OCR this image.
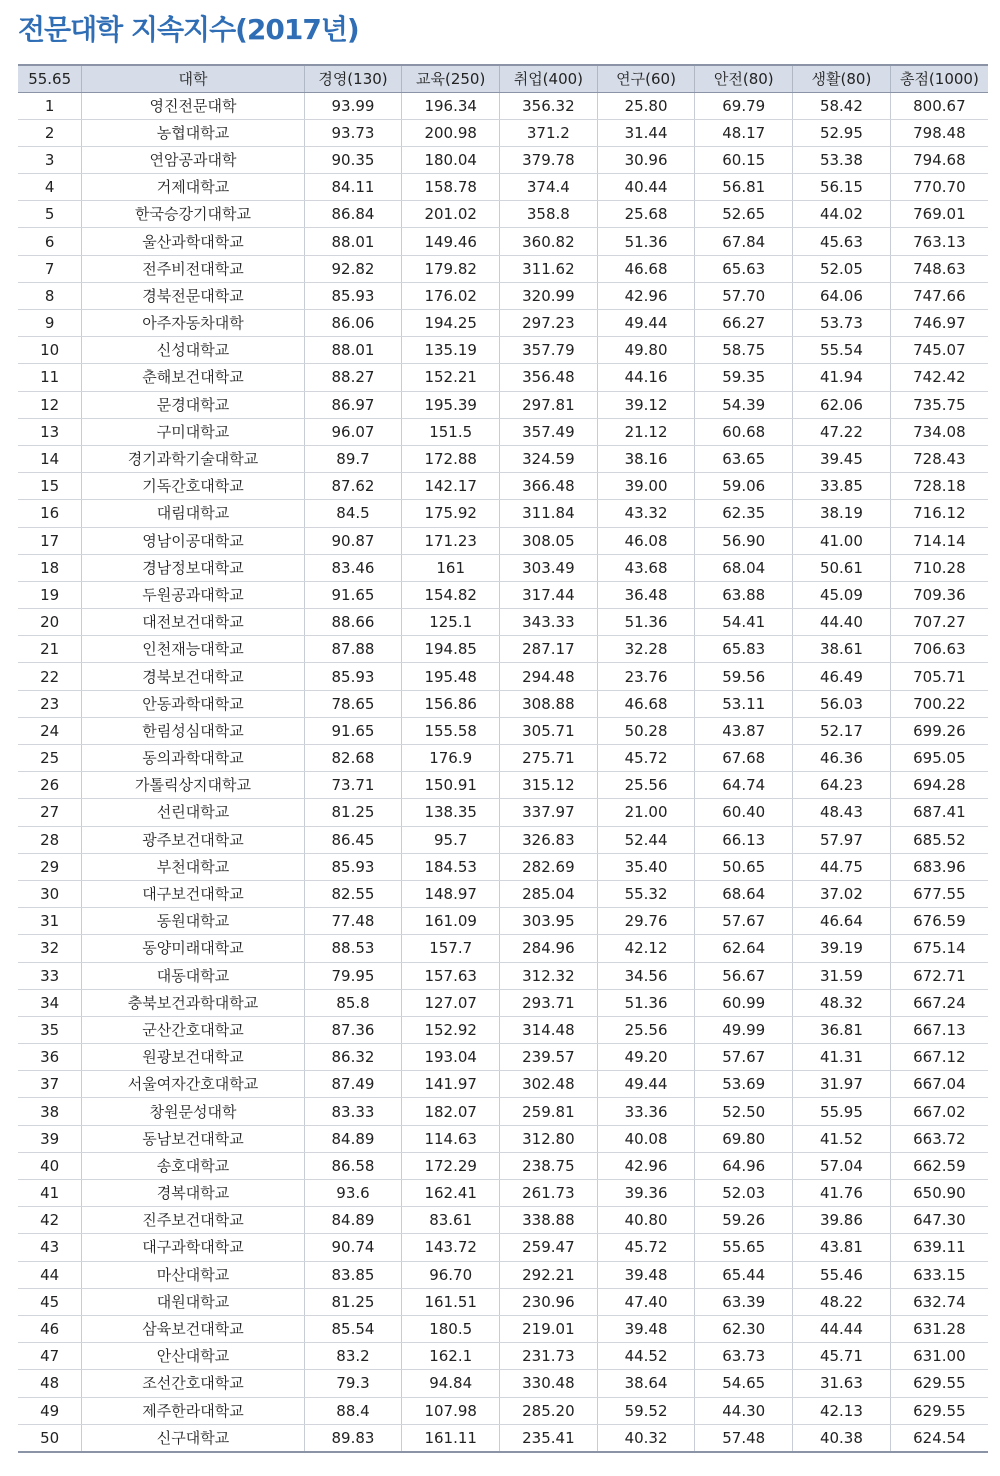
전문대학 지속지수(2017년)
55.65	대학	경영(130)	교육(250)	취업(400)	연구(60)	안전(80)	생활(80)	총점(1000)
1	영진전문대학	93.99	196.34	356.32	25.80	69.79	58.42	800.67
2	농협대학교	93.73	200.98	371.2	31.44	48.17	52.95	798.48
3	연암공과대학	90.35	180.04	379.78	30.96	60.15	53.38	794.68
4	거제대학교	84.11	158.78	374.4	40.44	56.81	56.15	770.70
5	한국승강기대학교	86.84	201.02	358.8	25.68	52.65	44.02	769.01
6	울산과학대학교	88.01	149.46	360.82	51.36	67.84	45.63	763.13
7	전주비전대학교	92.82	179.82	311.62	46.68	65.63	52.05	748.63
8	경북전문대학교	85.93	176.02	320.99	42.96	57.70	64.06	747.66
9	아주자동차대학	86.06	194.25	297.23	49.44	66.27	53.73	746.97
10	신성대학교	88.01	135.19	357.79	49.80	58.75	55.54	745.07
11	춘해보건대학교	88.27	152.21	356.48	44.16	59.35	41.94	742.42
12	문경대학교	86.97	195.39	297.81	39.12	54.39	62.06	735.75
13	구미대학교	96.07	151.5	357.49	21.12	60.68	47.22	734.08
14	경기과학기술대학교	89.7	172.88	324.59	38.16	63.65	39.45	728.43
15	기독간호대학교	87.62	142.17	366.48	39.00	59.06	33.85	728.18
16	대림대학교	84.5	175.92	311.84	43.32	62.35	38.19	716.12
17	영남이공대학교	90.87	171.23	308.05	46.08	56.90	41.00	714.14
18	경남정보대학교	83.46	161	303.49	43.68	68.04	50.61	710.28
19	두원공과대학교	91.65	154.82	317.44	36.48	63.88	45.09	709.36
20	대전보건대학교	88.66	125.1	343.33	51.36	54.41	44.40	707.27
21	인천재능대학교	87.88	194.85	287.17	32.28	65.83	38.61	706.63
22	경북보건대학교	85.93	195.48	294.48	23.76	59.56	46.49	705.71
23	안동과학대학교	78.65	156.86	308.88	46.68	53.11	56.03	700.22
24	한림성심대학교	91.65	155.58	305.71	50.28	43.87	52.17	699.26
25	동의과학대학교	82.68	176.9	275.71	45.72	67.68	46.36	695.05
26	가톨릭상지대학교	73.71	150.91	315.12	25.56	64.74	64.23	694.28
27	선린대학교	81.25	138.35	337.97	21.00	60.40	48.43	687.41
28	광주보건대학교	86.45	95.7	326.83	52.44	66.13	57.97	685.52
29	부천대학교	85.93	184.53	282.69	35.40	50.65	44.75	683.96
30	대구보건대학교	82.55	148.97	285.04	55.32	68.64	37.02	677.55
31	동원대학교	77.48	161.09	303.95	29.76	57.67	46.64	676.59
32	동양미래대학교	88.53	157.7	284.96	42.12	62.64	39.19	675.14
33	대동대학교	79.95	157.63	312.32	34.56	56.67	31.59	672.71
34	충북보건과학대학교	85.8	127.07	293.71	51.36	60.99	48.32	667.24
35	군산간호대학교	87.36	152.92	314.48	25.56	49.99	36.81	667.13
36	원광보건대학교	86.32	193.04	239.57	49.20	57.67	41.31	667.12
37	서울여자간호대학교	87.49	141.97	302.48	49.44	53.69	31.97	667.04
38	창원문성대학	83.33	182.07	259.81	33.36	52.50	55.95	667.02
39	동남보건대학교	84.89	114.63	312.80	40.08	69.80	41.52	663.72
40	송호대학교	86.58	172.29	238.75	42.96	64.96	57.04	662.59
41	경복대학교	93.6	162.41	261.73	39.36	52.03	41.76	650.90
42	진주보건대학교	84.89	83.61	338.88	40.80	59.26	39.86	647.30
43	대구과학대학교	90.74	143.72	259.47	45.72	55.65	43.81	639.11
44	마산대학교	83.85	96.70	292.21	39.48	65.44	55.46	633.15
45	대원대학교	81.25	161.51	230.96	47.40	63.39	48.22	632.74
46	삼육보건대학교	85.54	180.5	219.01	39.48	62.30	44.44	631.28
47	안산대학교	83.2	162.1	231.73	44.52	63.73	45.71	631.00
48	조선간호대학교	79.3	94.84	330.48	38.64	54.65	31.63	629.55
49	제주한라대학교	88.4	107.98	285.20	59.52	44.30	42.13	629.55
50	신구대학교	89.83	161.11	235.41	40.32	57.48	40.38	624.54
